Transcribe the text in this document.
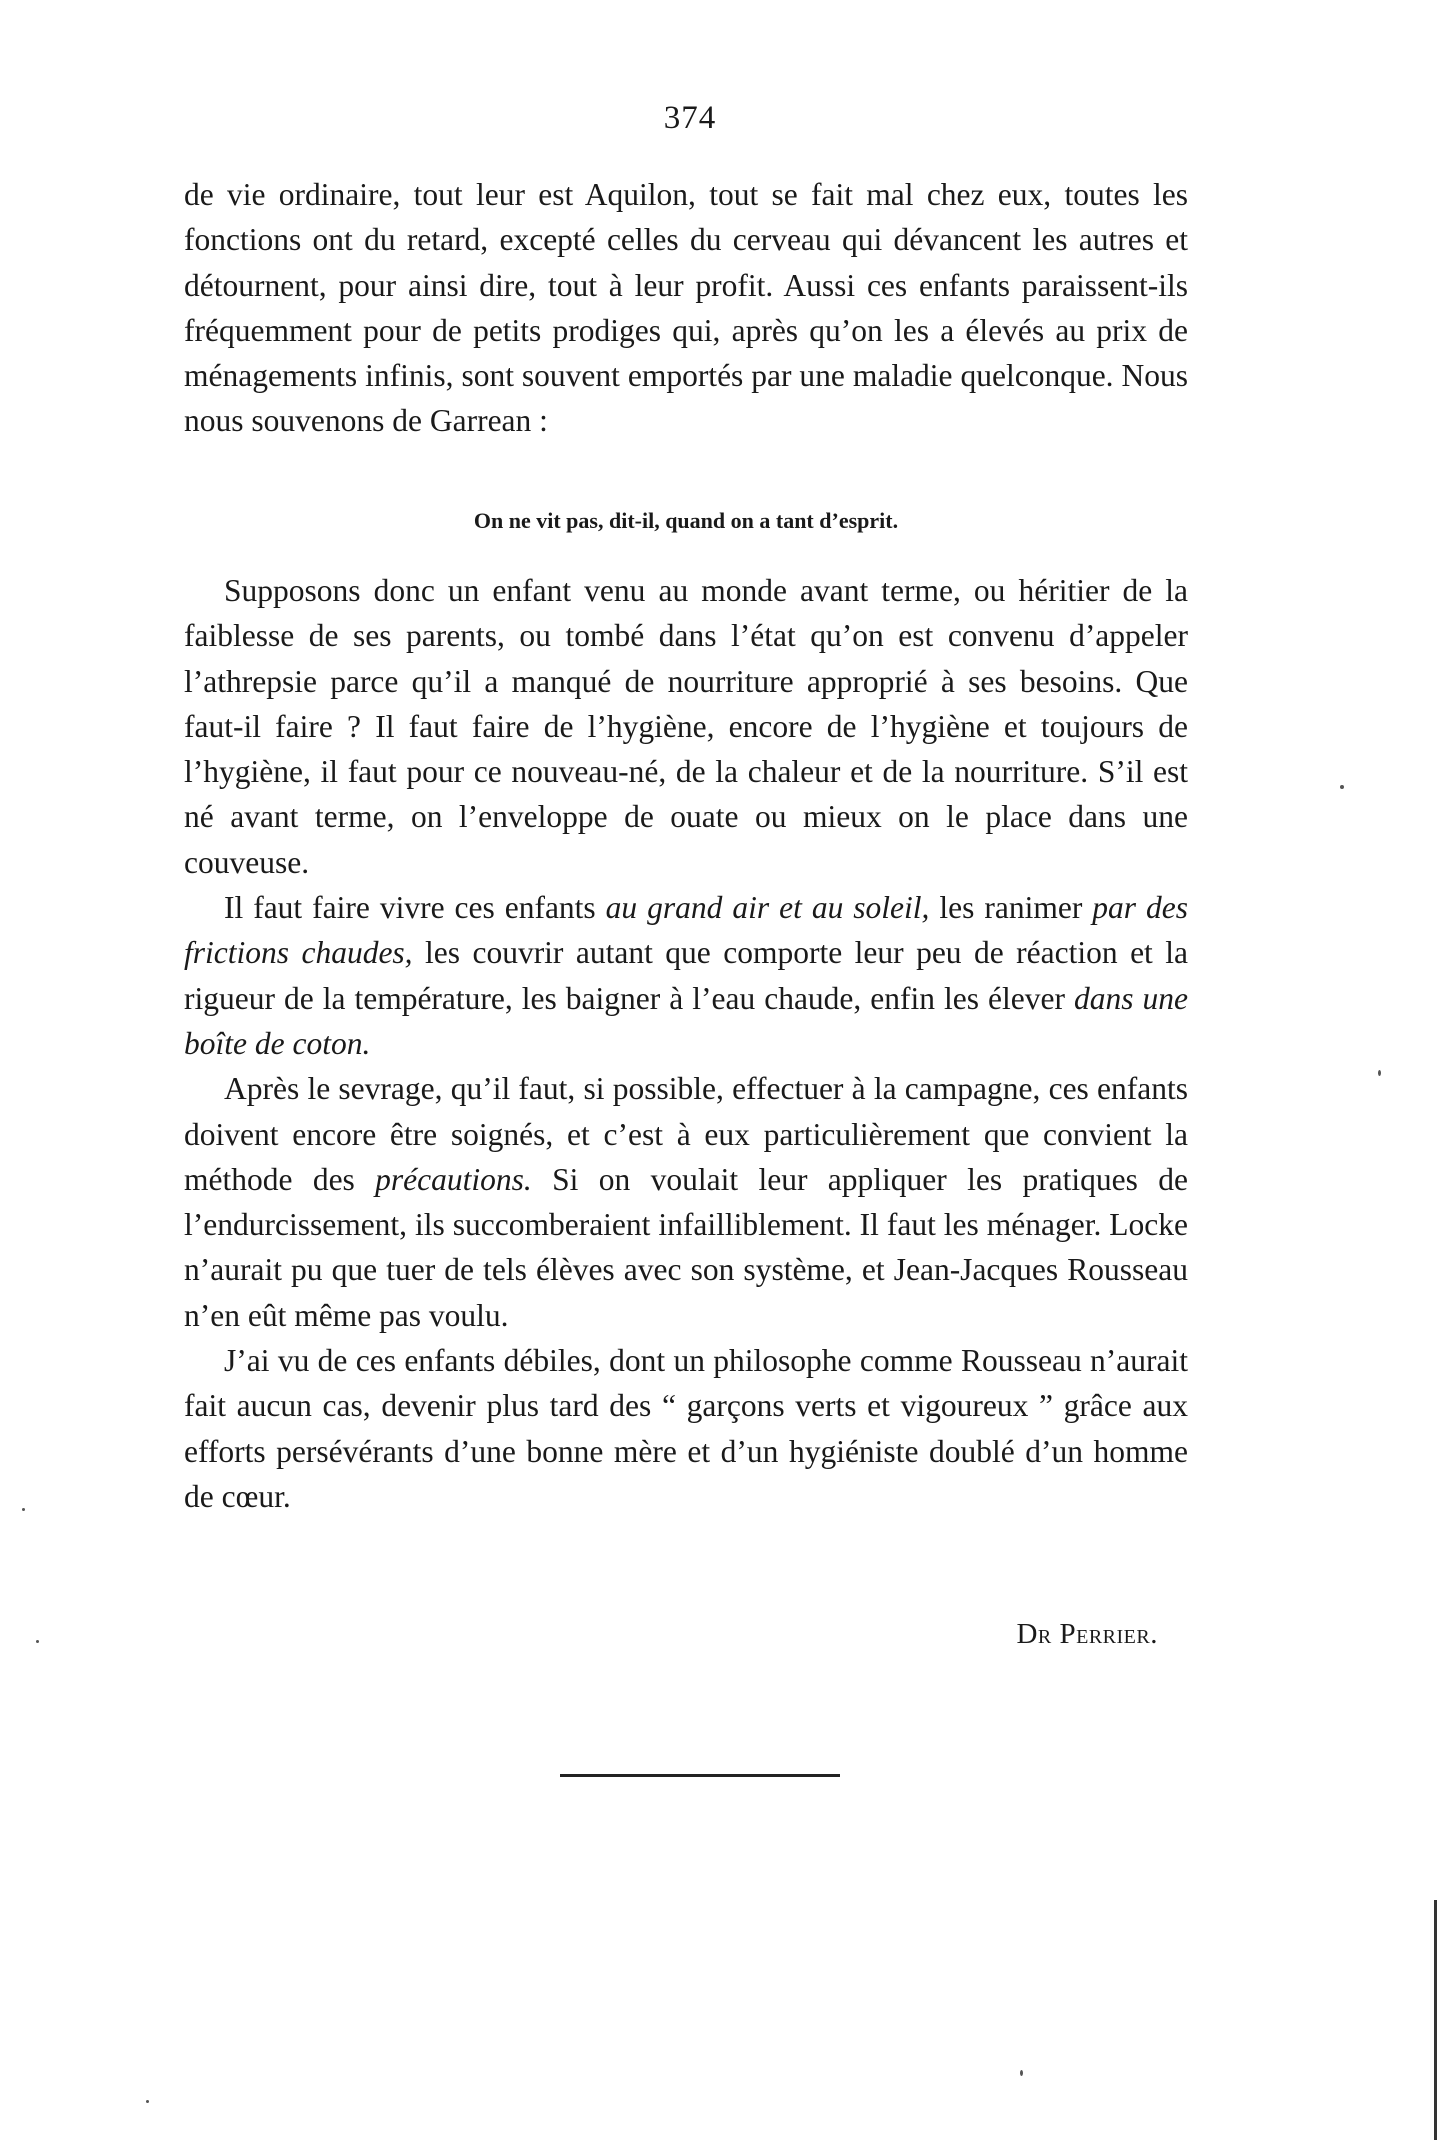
374

de vie ordinaire, tout leur est Aquilon, tout se fait mal chez eux, toutes les fonctions ont du retard, excepté celles du cerveau qui dévancent les autres et détournent, pour ainsi dire, tout à leur profit. Aussi ces enfants paraissent-ils fréquemment pour de petits prodiges qui, après qu’on les a élevés au prix de ménagements infinis, sont souvent emportés par une maladie quelconque. Nous nous souvenons de Garrean :

On ne vit pas, dit-il, quand on a tant d’esprit.

Supposons donc un enfant venu au monde avant terme, ou héritier de la faiblesse de ses parents, ou tombé dans l’état qu’on est convenu d’appeler l’athrepsie parce qu’il a manqué de nourriture approprié à ses besoins. Que faut-il faire ? Il faut faire de l’hygiène, encore de l’hygiène et toujours de l’hygiène, il faut pour ce nouveau-né, de la chaleur et de la nourriture. S’il est né avant terme, on l’enveloppe de ouate ou mieux on le place dans une couveuse.

Il faut faire vivre ces enfants au grand air et au soleil, les ranimer par des frictions chaudes, les couvrir autant que comporte leur peu de réaction et la rigueur de la température, les baigner à l’eau chaude, enfin les élever dans une boîte de coton.

Après le sevrage, qu’il faut, si possible, effectuer à la campagne, ces enfants doivent encore être soignés, et c’est à eux particulièrement que convient la méthode des précautions. Si on voulait leur appliquer les pratiques de l’endurcissement, ils succomberaient infailliblement. Il faut les ménager. Locke n’aurait pu que tuer de tels élèves avec son système, et Jean-Jacques Rousseau n’en eût même pas voulu.

J’ai vu de ces enfants débiles, dont un philosophe comme Rousseau n’aurait fait aucun cas, devenir plus tard des “ garçons verts et vigoureux ” grâce aux efforts persévérants d’une bonne mère et d’un hygiéniste doublé d’un homme de cœur.

Dr Perrier.
